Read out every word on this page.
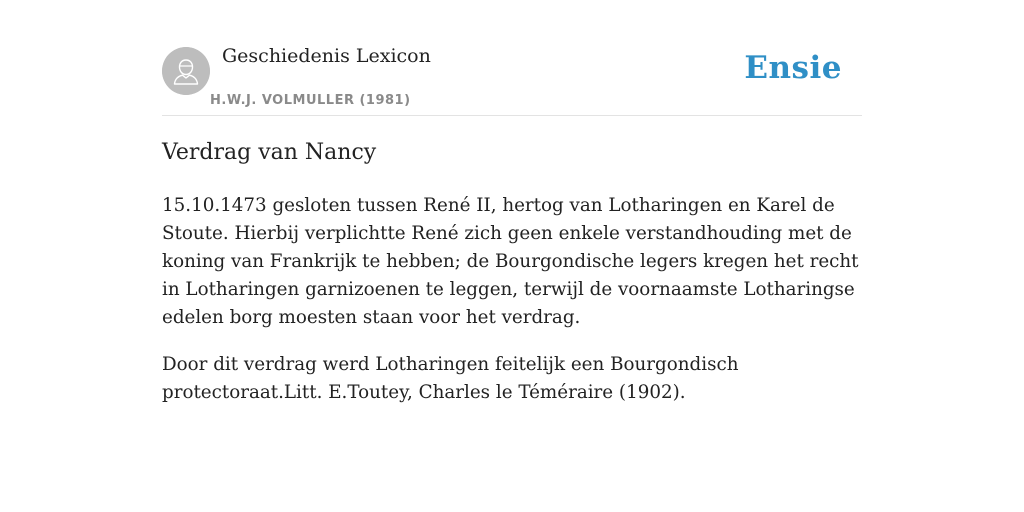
Geschiedenis Lexicon
H.W.J. VOLMULLER (1981)
Ensie
Verdrag van Nancy

15.10.1473 gesloten tussen René II, hertog van Lotharingen en Karel de Stoute. Hierbij verplichtte René zich geen enkele verstandhouding met de koning van Frankrijk te hebben; de Bourgondische legers kregen het recht in Lotharingen garnizoenen te leggen, terwijl de voornaamste Lotharingse edelen borg moesten staan voor het verdrag.

Door dit verdrag werd Lotharingen feitelijk een Bourgondisch protectoraat.Litt. E.Toutey, Charles le Téméraire (1902).
